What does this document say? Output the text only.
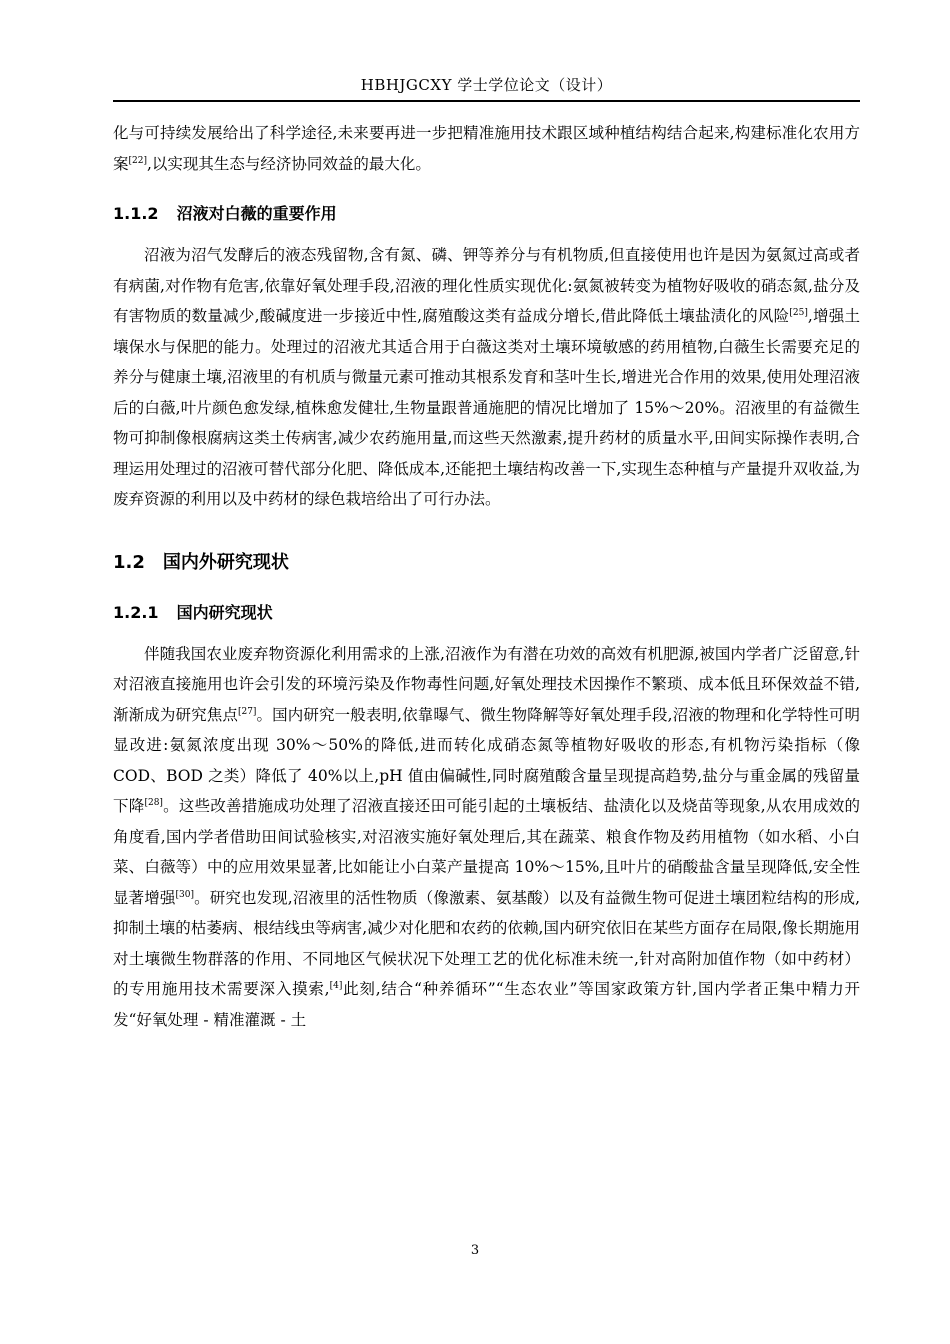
HBHJGCXY 学士学位论文（设计）

化与可持续发展给出了科学途径,未来要再进一步把精准施用技术跟区域种植结构结合起来,构建标准化农用方案[22],以实现其生态与经济协同效益的最大化。

1.1.2 沼液对白薇的重要作用

沼液为沼气发酵后的液态残留物,含有氮、磷、钾等养分与有机物质,但直接使用也许是因为氨氮过高或者有病菌,对作物有危害,依靠好氧处理手段,沼液的理化性质实现优化:氨氮被转变为植物好吸收的硝态氮,盐分及有害物质的数量减少,酸碱度进一步接近中性,腐殖酸这类有益成分增长,借此降低土壤盐渍化的风险[25],增强土壤保水与保肥的能力。处理过的沼液尤其适合用于白薇这类对土壤环境敏感的药用植物,白薇生长需要充足的养分与健康土壤,沼液里的有机质与微量元素可推动其根系发育和茎叶生长,增进光合作用的效果,使用处理沼液后的白薇,叶片颜色愈发绿,植株愈发健壮,生物量跟普通施肥的情况比增加了 15%～20%。沼液里的有益微生物可抑制像根腐病这类土传病害,减少农药施用量,而这些天然激素,提升药材的质量水平,田间实际操作表明,合理运用处理过的沼液可替代部分化肥、降低成本,还能把土壤结构改善一下,实现生态种植与产量提升双收益,为废弃资源的利用以及中药材的绿色栽培给出了可行办法。

1.2 国内外研究现状
1.2.1 国内研究现状

伴随我国农业废弃物资源化利用需求的上涨,沼液作为有潜在功效的高效有机肥源,被国内学者广泛留意,针对沼液直接施用也许会引发的环境污染及作物毒性问题,好氧处理技术因操作不繁琐、成本低且环保效益不错,渐渐成为研究焦点[27]。国内研究一般表明,依靠曝气、微生物降解等好氧处理手段,沼液的物理和化学特性可明显改进:氨氮浓度出现 30%～50%的降低,进而转化成硝态氮等植物好吸收的形态,有机物污染指标（像 COD、BOD 之类）降低了 40%以上,pH 值由偏碱性,同时腐殖酸含量呈现提高趋势,盐分与重金属的残留量下降[28]。这些改善措施成功处理了沼液直接还田可能引起的土壤板结、盐渍化以及烧苗等现象,从农用成效的角度看,国内学者借助田间试验核实,对沼液实施好氧处理后,其在蔬菜、粮食作物及药用植物（如水稻、小白菜、白薇等）中的应用效果显著,比如能让小白菜产量提高 10%～15%,且叶片的硝酸盐含量呈现降低,安全性显著增强[30]。研究也发现,沼液里的活性物质（像激素、氨基酸）以及有益微生物可促进土壤团粒结构的形成,抑制土壤的枯萎病、根结线虫等病害,减少对化肥和农药的依赖,国内研究依旧在某些方面存在局限,像长期施用对土壤微生物群落的作用、不同地区气候状况下处理工艺的优化标准未统一,针对高附加值作物（如中药材）的专用施用技术需要深入摸索,[4]此刻,结合“种养循环”“生态农业”等国家政策方针,国内学者正集中精力开发“好氧处理 - 精准灌溉 - 土

3
